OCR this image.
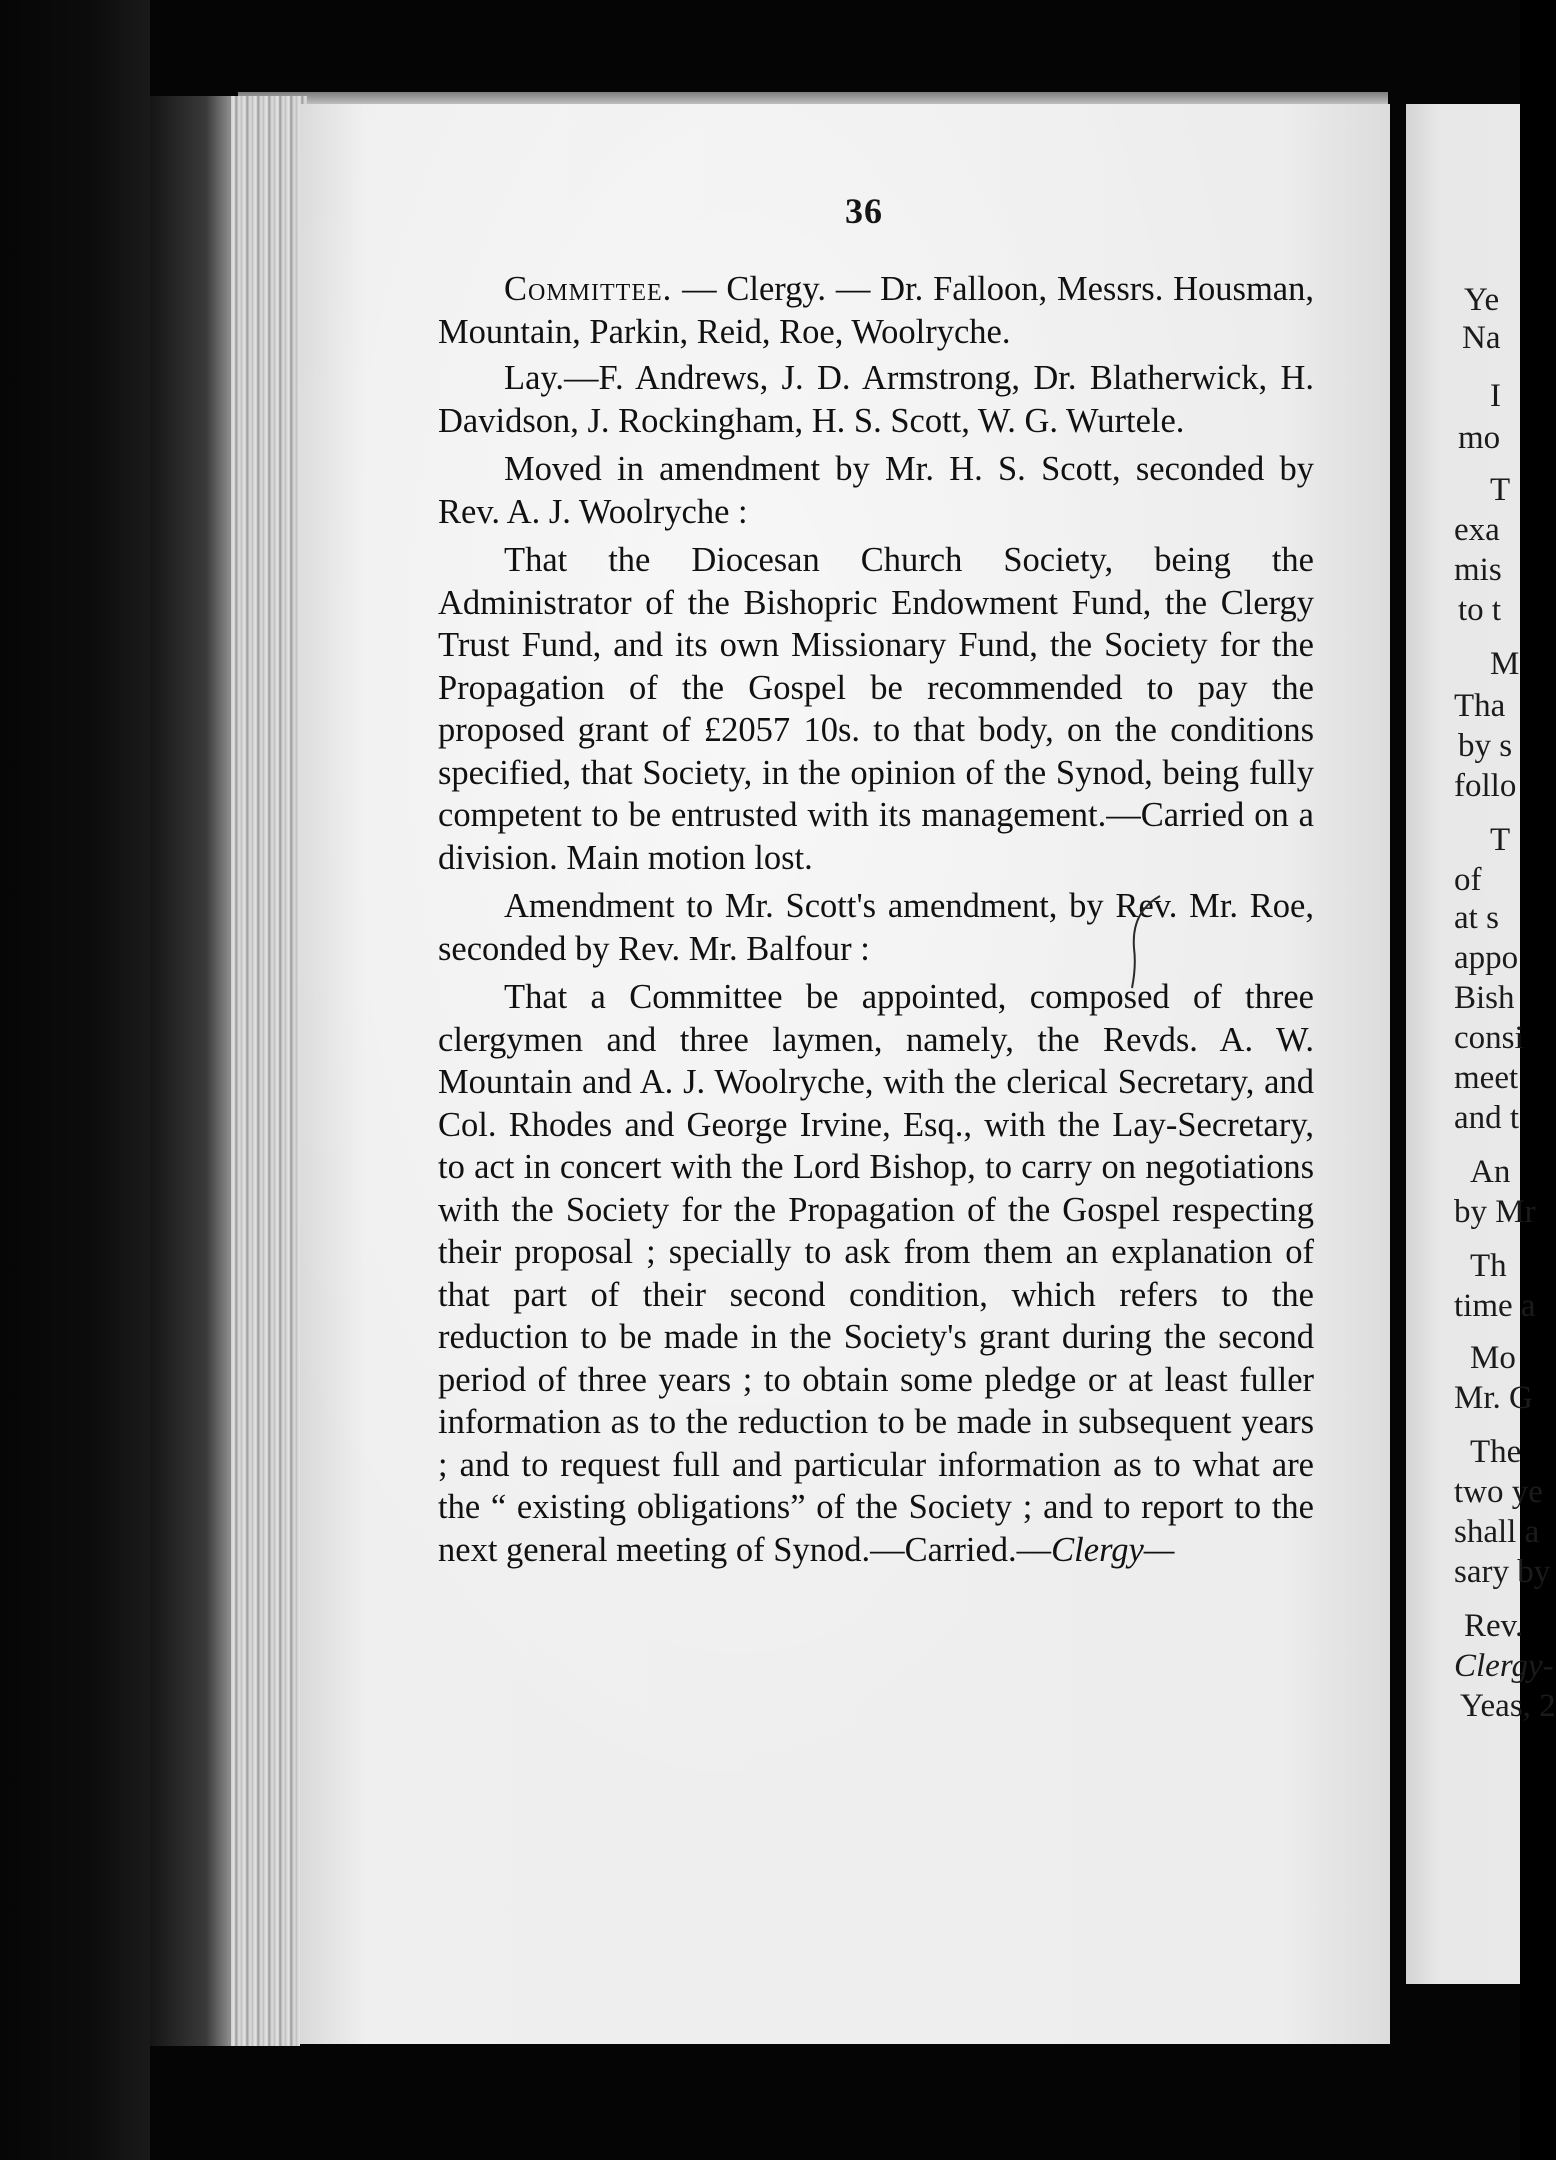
36

Committee. — Clergy. — Dr. Falloon, Messrs. Housman, Mountain, Parkin, Reid, Roe, Woolryche.

Lay.—F. Andrews, J. D. Armstrong, Dr. Blatherwick, H. Davidson, J. Rockingham, H. S. Scott, W. G. Wurtele.

Moved in amendment by Mr. H. S. Scott, seconded by Rev. A. J. Woolryche :

That the Diocesan Church Society, being the Administrator of the Bishopric Endowment Fund, the Clergy Trust Fund, and its own Missionary Fund, the Society for the Propagation of the Gospel be recommended to pay the proposed grant of £2057 10s. to that body, on the conditions specified, that Society, in the opinion of the Synod, being fully competent to be entrusted with its management.—Carried on a division. Main motion lost.

Amendment to Mr. Scott's amendment, by Rev. Mr. Roe, seconded by Rev. Mr. Balfour :

That a Committee be appointed, composed of three clergymen and three laymen, namely, the Revds. A. W. Mountain and A. J. Woolryche, with the clerical Secretary, and Col. Rhodes and George Irvine, Esq., with the Lay-Secretary, to act in concert with the Lord Bishop, to carry on negotiations with the Society for the Propagation of the Gospel respecting their proposal ; specially to ask from them an explanation of that part of their second condition, which refers to the reduction to be made in the Society's grant during the second period of three years ; to obtain some pledge or at least fuller information as to the reduction to be made in subsequent years ; and to request full and particular information as to what are the “ existing obligations” of the Society ; and to report to the next general meeting of Synod.—Carried.—Clergy—

Ye
Na
I
mo
T
exa
mis
to t
M
Tha
by s
follo
T
of
at s
appo
Bish
consi
meet
and t
An
by Mr
Th
time a
Mo
Mr. G
The
two ye
shall a
sary by
Rev.
Clergy-
Yeas, 2
